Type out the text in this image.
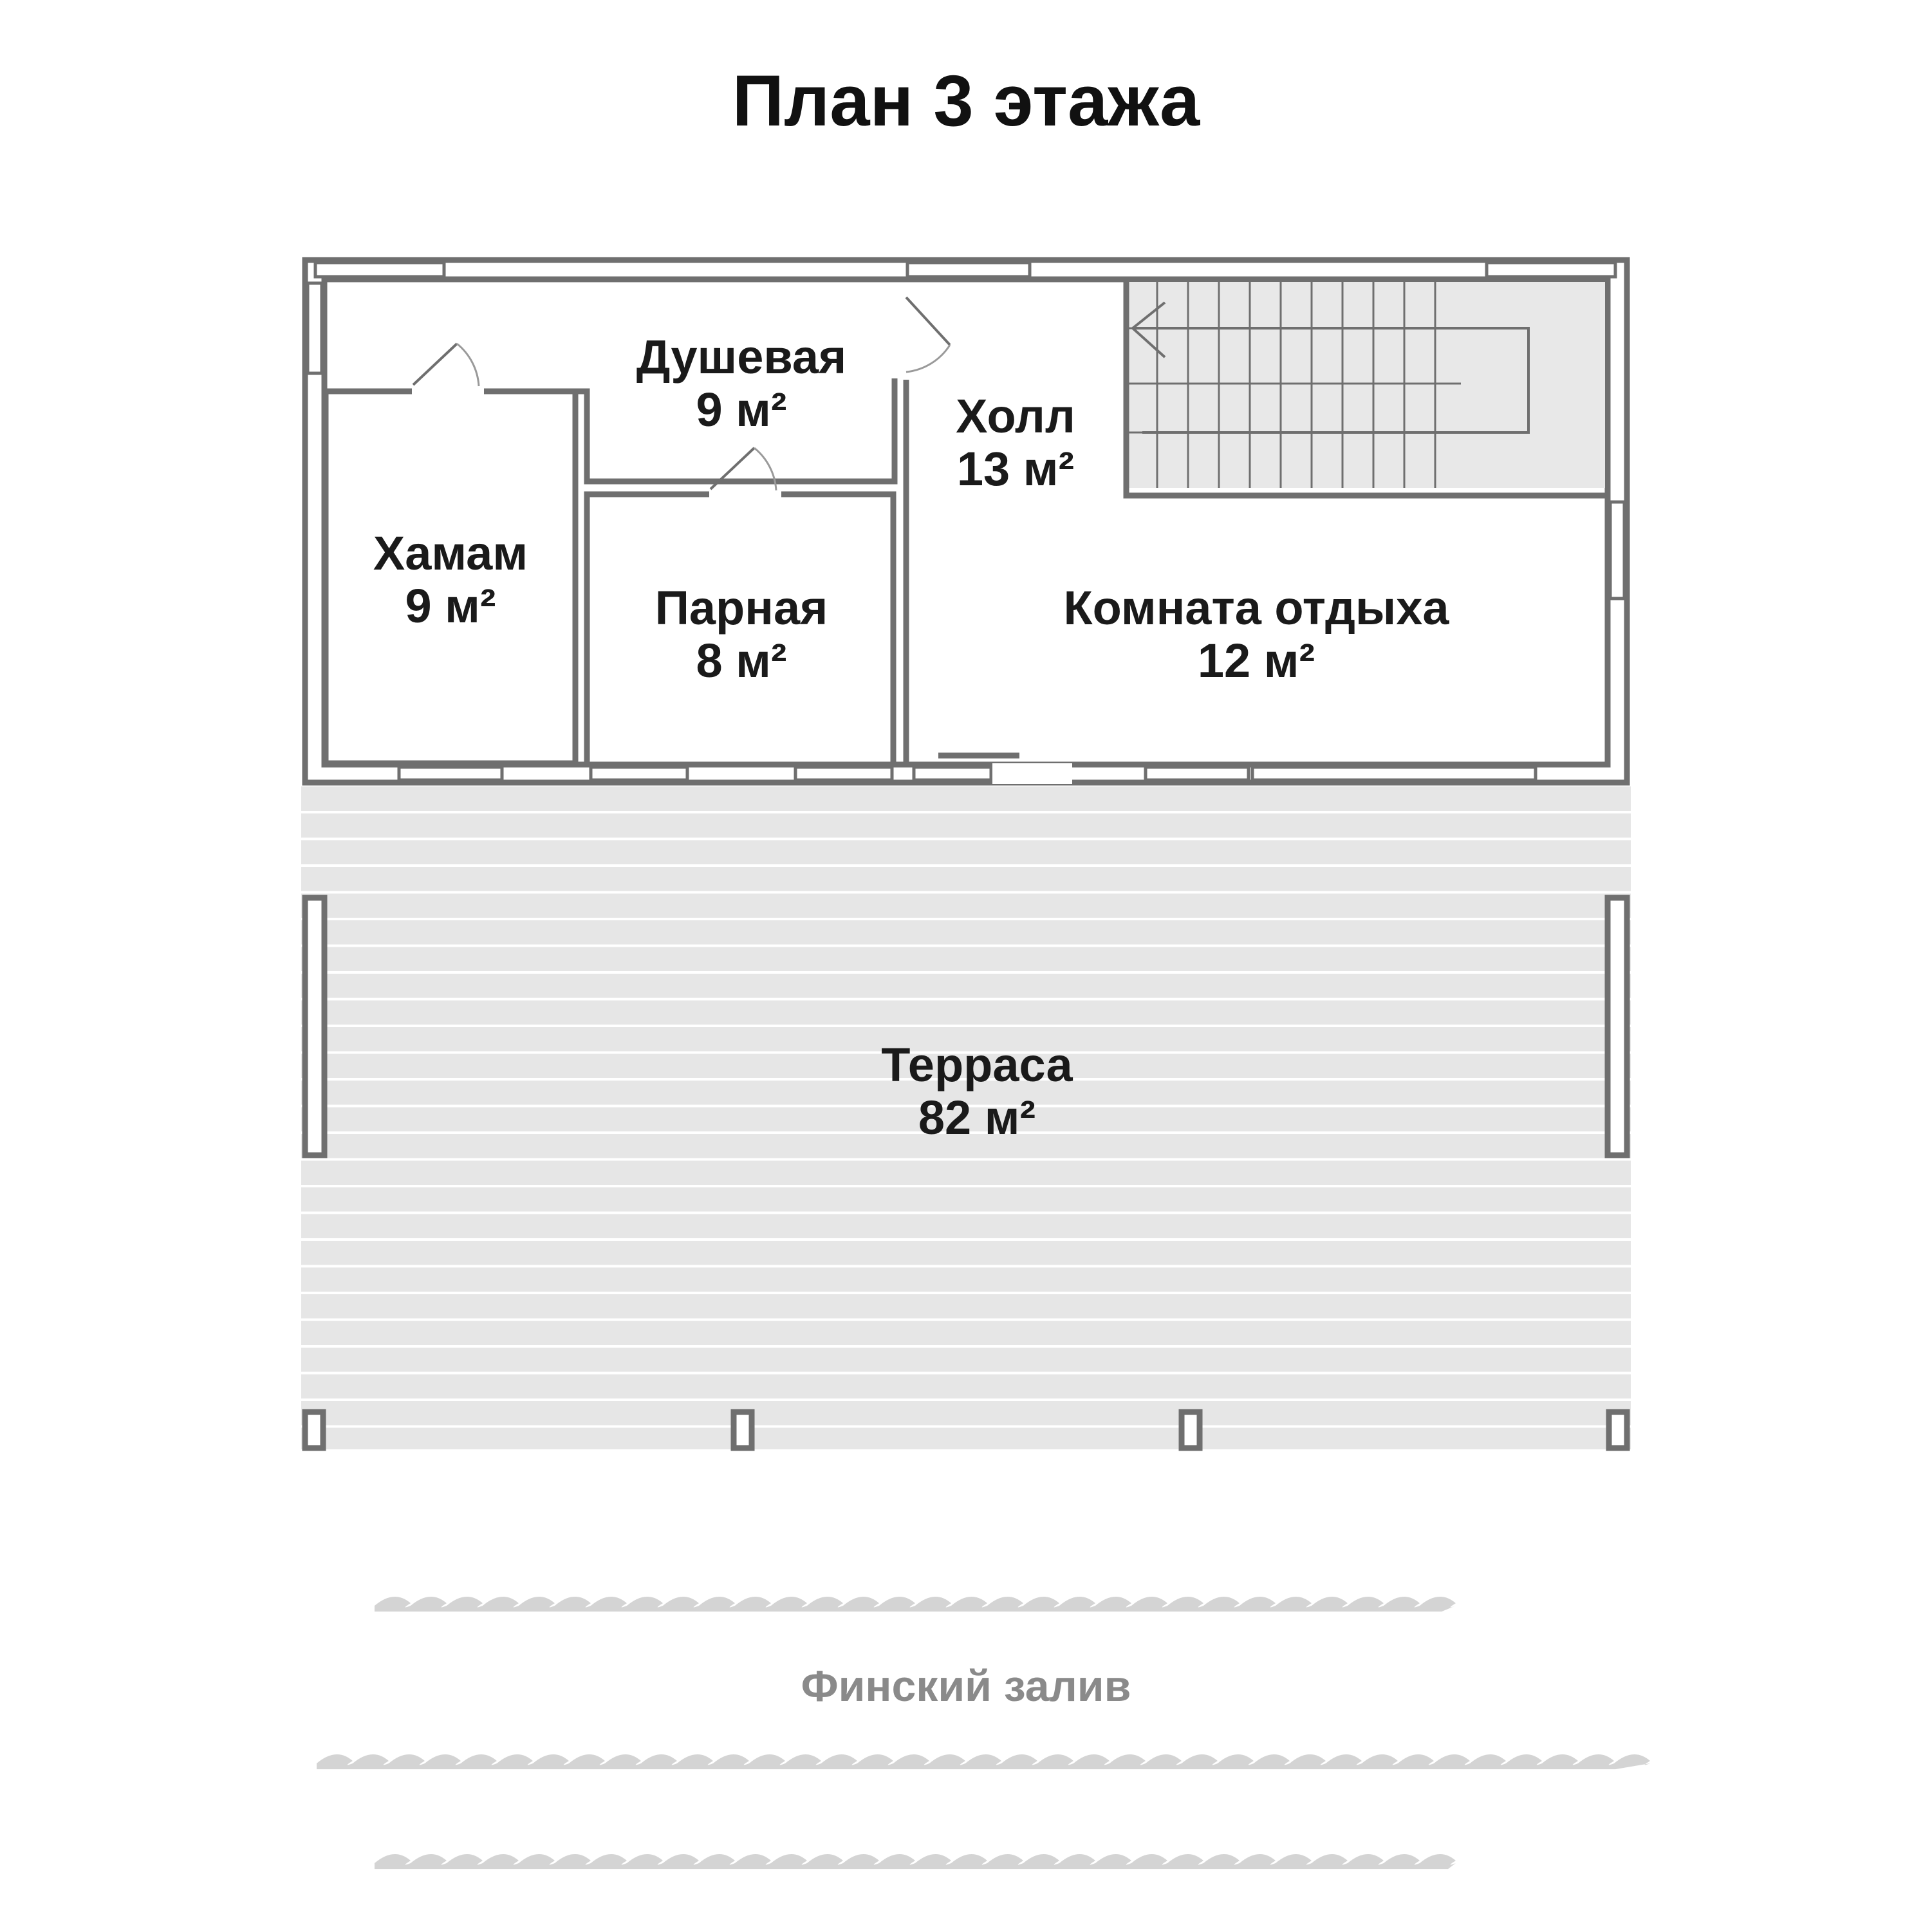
План 3 этажа
Хамам
9 м²	Парная
8 м²
Душевая
9 м²	Холл
13 м²
Комната отдыха
12 м²
Терраса
82 м²
Финский залив
